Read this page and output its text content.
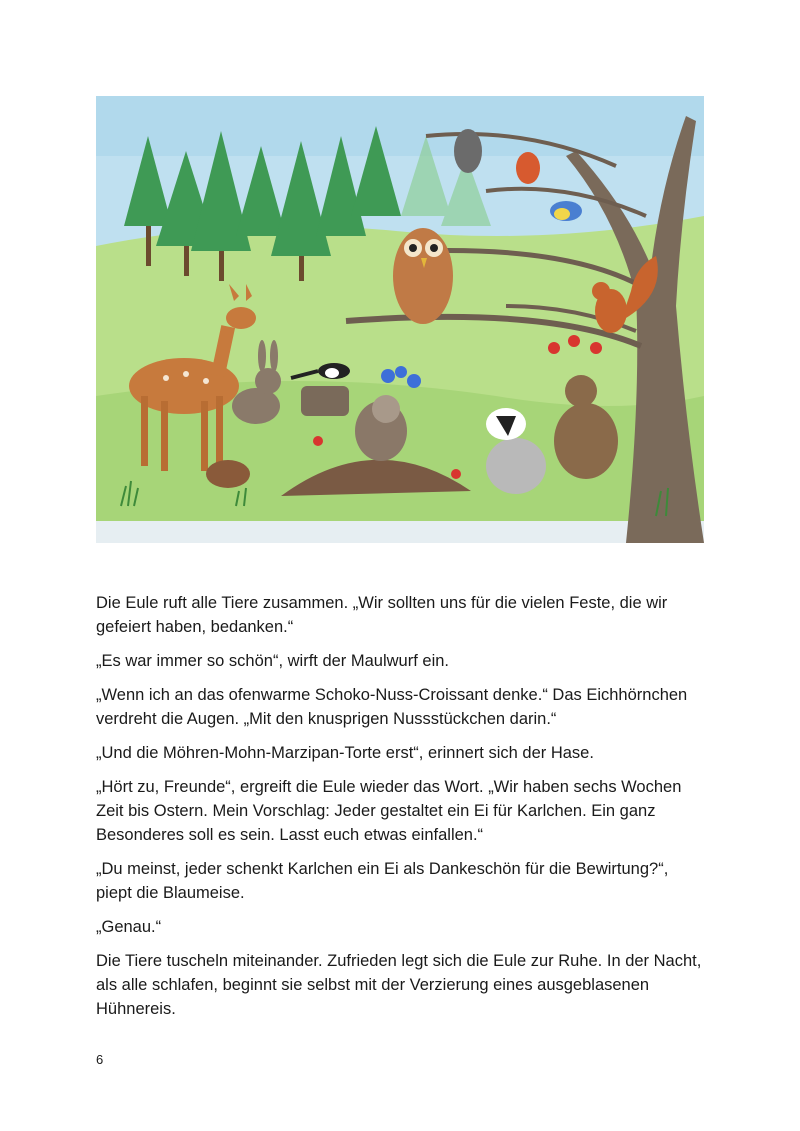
Die Eule ruft alle Tiere zusammen. „Wir sollten uns für die vielen Feste, die wir gefeiert haben, bedanken.“

„Es war immer so schön“, wirft der Maulwurf ein.

„Wenn ich an das ofenwarme Schoko-Nuss-Croissant denke.“ Das Eichhörnchen verdreht die Augen. „Mit den knusprigen Nussstückchen darin.“

„Und die Möhren-Mohn-Marzipan-Torte erst“, erinnert sich der Hase.

„Hört zu, Freunde“, ergreift die Eule wieder das Wort. „Wir haben sechs Wochen Zeit bis Ostern. Mein Vorschlag: Jeder gestaltet ein Ei für Karlchen. Ein ganz Besonderes soll es sein. Lasst euch etwas einfallen.“

„Du meinst, jeder schenkt Karlchen ein Ei als Dankeschön für die Bewirtung?“, piept die Blaumeise.

„Genau.“

Die Tiere tuscheln miteinander. Zufrieden legt sich die Eule zur Ruhe. In der Nacht, als alle schlafen, beginnt sie selbst mit der Verzierung eines ausgeblasenen Hühnereis.

6
